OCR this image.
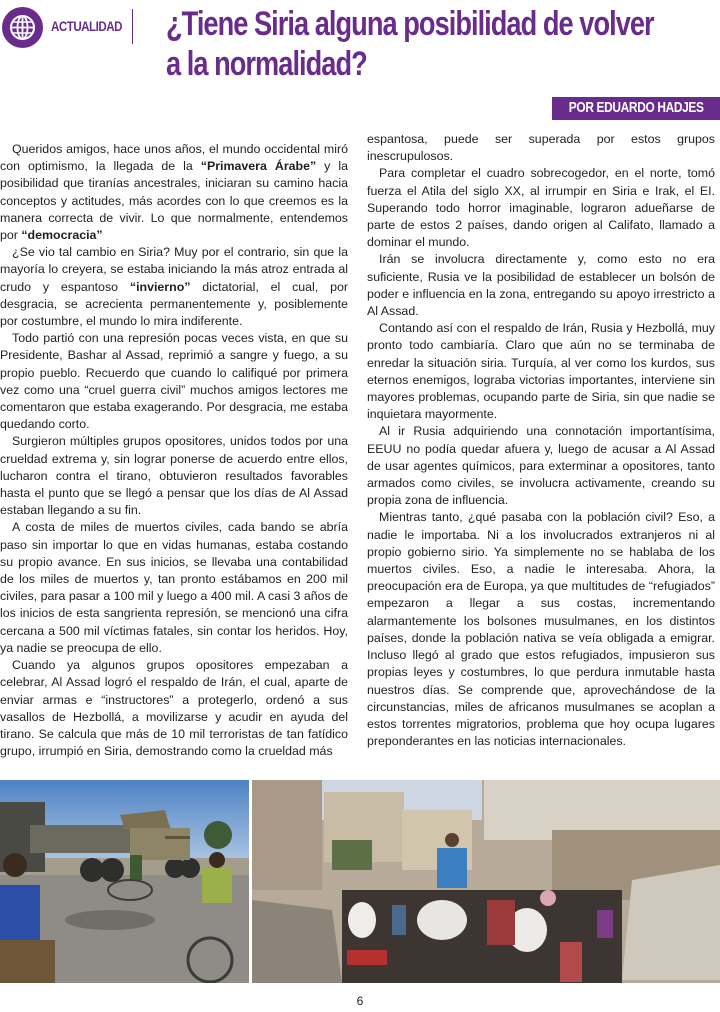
ACTUALIDAD ¿Tiene Siria alguna posibilidad de volver
a la normalidad?
POR EDUARDO HADJES

Queridos amigos, hace unos años, el mundo occidental miró con optimismo, la llegada de la “Primavera Árabe” y la posibilidad que tiranías ancestrales, iniciaran su camino hacia conceptos y actitudes, más acordes con lo que creemos es la manera correcta de vivir. Lo que normalmente, entendemos por “democracia”

¿Se vio tal cambio en Siria? Muy por el contrario, sin que la mayoría lo creyera, se estaba iniciando la más atroz entrada al crudo y espantoso “invierno” dictatorial, el cual, por desgracia, se acrecienta permanentemente y, posiblemente por costumbre, el mundo lo mira indiferente.

Todo partió con una represión pocas veces vista, en que su Presidente, Bashar al Assad, reprimió a sangre y fuego, a su propio pueblo. Recuerdo que cuando lo califiqué por primera vez como una “cruel guerra civil” muchos amigos lectores me comentaron que estaba exagerando. Por desgracia, me estaba quedando corto.

Surgieron múltiples grupos opositores, unidos todos por una crueldad extrema y, sin lograr ponerse de acuerdo entre ellos, lucharon contra el tirano, obtuvieron resultados favorables hasta el punto que se llegó a pensar que los días de Al Assad estaban llegando a su fin.

A costa de miles de muertos civiles, cada bando se abría paso sin importar lo que en vidas humanas, estaba costando su propio avance. En sus inicios, se llevaba una contabilidad de los miles de muertos y, tan pronto estábamos en 200 mil civiles, para pasar a 100 mil y luego a 400 mil. A casi 3 años de los inicios de esta sangrienta represión, se mencionó una cifra cercana a 500 mil víctimas fatales, sin contar los heridos. Hoy, ya nadie se preocupa de ello.

Cuando ya algunos grupos opositores empezaban a celebrar, Al Assad logró el respaldo de Irán, el cual, aparte de enviar armas e “instructores” a protegerlo, ordenó a sus vasallos de Hezbollá, a movilizarse y acudir en ayuda del tirano. Se calcula que más de 10 mil terroristas de tan fatídico grupo, irrumpió en Siria, demostrando como la crueldad más

espantosa, puede ser superada por estos grupos inescrupulosos.

Para completar el cuadro sobrecogedor, en el norte, tomó fuerza el Atila del siglo XX, al irrumpir en Siria e Irak, el EI. Superando todo horror imaginable, lograron adueñarse de parte de estos 2 países, dando origen al Califato, llamado a dominar el mundo.

Irán se involucra directamente y, como esto no era suficiente, Rusia ve la posibilidad de establecer un bolsón de poder e influencia en la zona, entregando su apoyo irrestricto a Al Assad.

Contando así con el respaldo de Irán, Rusia y Hezbollá, muy pronto todo cambiaría. Claro que aún no se terminaba de enredar la situación siria. Turquía, al ver como los kurdos, sus eternos enemigos, lograba victorias importantes, interviene sin mayores problemas, ocupando parte de Siria, sin que nadie se inquietara mayormente.

Al ir Rusia adquiriendo una connotación importantísima, EEUU no podía quedar afuera y, luego de acusar a Al Assad de usar agentes químicos, para exterminar a opositores, tanto armados como civiles, se involucra activamente, creando su propia zona de influencia.

Mientras tanto, ¿qué pasaba con la población civil? Eso, a nadie le importaba. Ni a los involucrados extranjeros ni al propio gobierno sirio. Ya simplemente no se hablaba de los muertos civiles. Eso, a nadie le interesaba. Ahora, la preocupación era de Europa, ya que multitudes de “refugiados” empezaron a llegar a sus costas, incrementando alarmantemente los bolsones musulmanes, en los distintos países, donde la población nativa se veía obligada a emigrar. Incluso llegó al grado que estos refugiados, impusieron sus propias leyes y costumbres, lo que perdura inmutable hasta nuestros días. Se comprende que, aprovechándose de la circunstancias, miles de africanos musulmanes se acoplan a estos torrentes migratorios, problema que hoy ocupa lugares preponderantes en las noticias internacionales.

6
